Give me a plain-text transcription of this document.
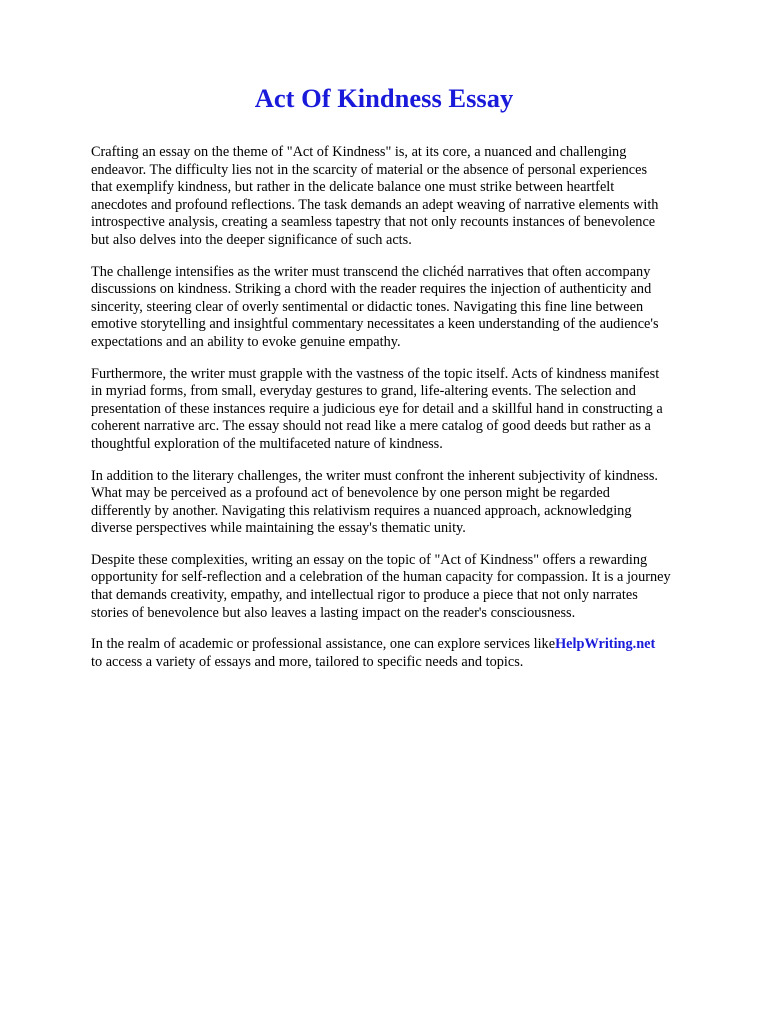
Act Of Kindness Essay

Crafting an essay on the theme of "Act of Kindness" is, at its core, a nuanced and challenging
endeavor. The difficulty lies not in the scarcity of material or the absence of personal experiences
that exemplify kindness, but rather in the delicate balance one must strike between heartfelt
anecdotes and profound reflections. The task demands an adept weaving of narrative elements with
introspective analysis, creating a seamless tapestry that not only recounts instances of benevolence
but also delves into the deeper significance of such acts.

The challenge intensifies as the writer must transcend the clichéd narratives that often accompany
discussions on kindness. Striking a chord with the reader requires the injection of authenticity and
sincerity, steering clear of overly sentimental or didactic tones. Navigating this fine line between
emotive storytelling and insightful commentary necessitates a keen understanding of the audience's
expectations and an ability to evoke genuine empathy.

Furthermore, the writer must grapple with the vastness of the topic itself. Acts of kindness manifest
in myriad forms, from small, everyday gestures to grand, life-altering events. The selection and
presentation of these instances require a judicious eye for detail and a skillful hand in constructing a
coherent narrative arc. The essay should not read like a mere catalog of good deeds but rather as a
thoughtful exploration of the multifaceted nature of kindness.

In addition to the literary challenges, the writer must confront the inherent subjectivity of kindness.
What may be perceived as a profound act of benevolence by one person might be regarded
differently by another. Navigating this relativism requires a nuanced approach, acknowledging
diverse perspectives while maintaining the essay's thematic unity.

Despite these complexities, writing an essay on the topic of "Act of Kindness" offers a rewarding
opportunity for self-reflection and a celebration of the human capacity for compassion. It is a journey
that demands creativity, empathy, and intellectual rigor to produce a piece that not only narrates
stories of benevolence but also leaves a lasting impact on the reader's consciousness.

In the realm of academic or professional assistance, one can explore services likeHelpWriting.net
to access a variety of essays and more, tailored to specific needs and topics.
